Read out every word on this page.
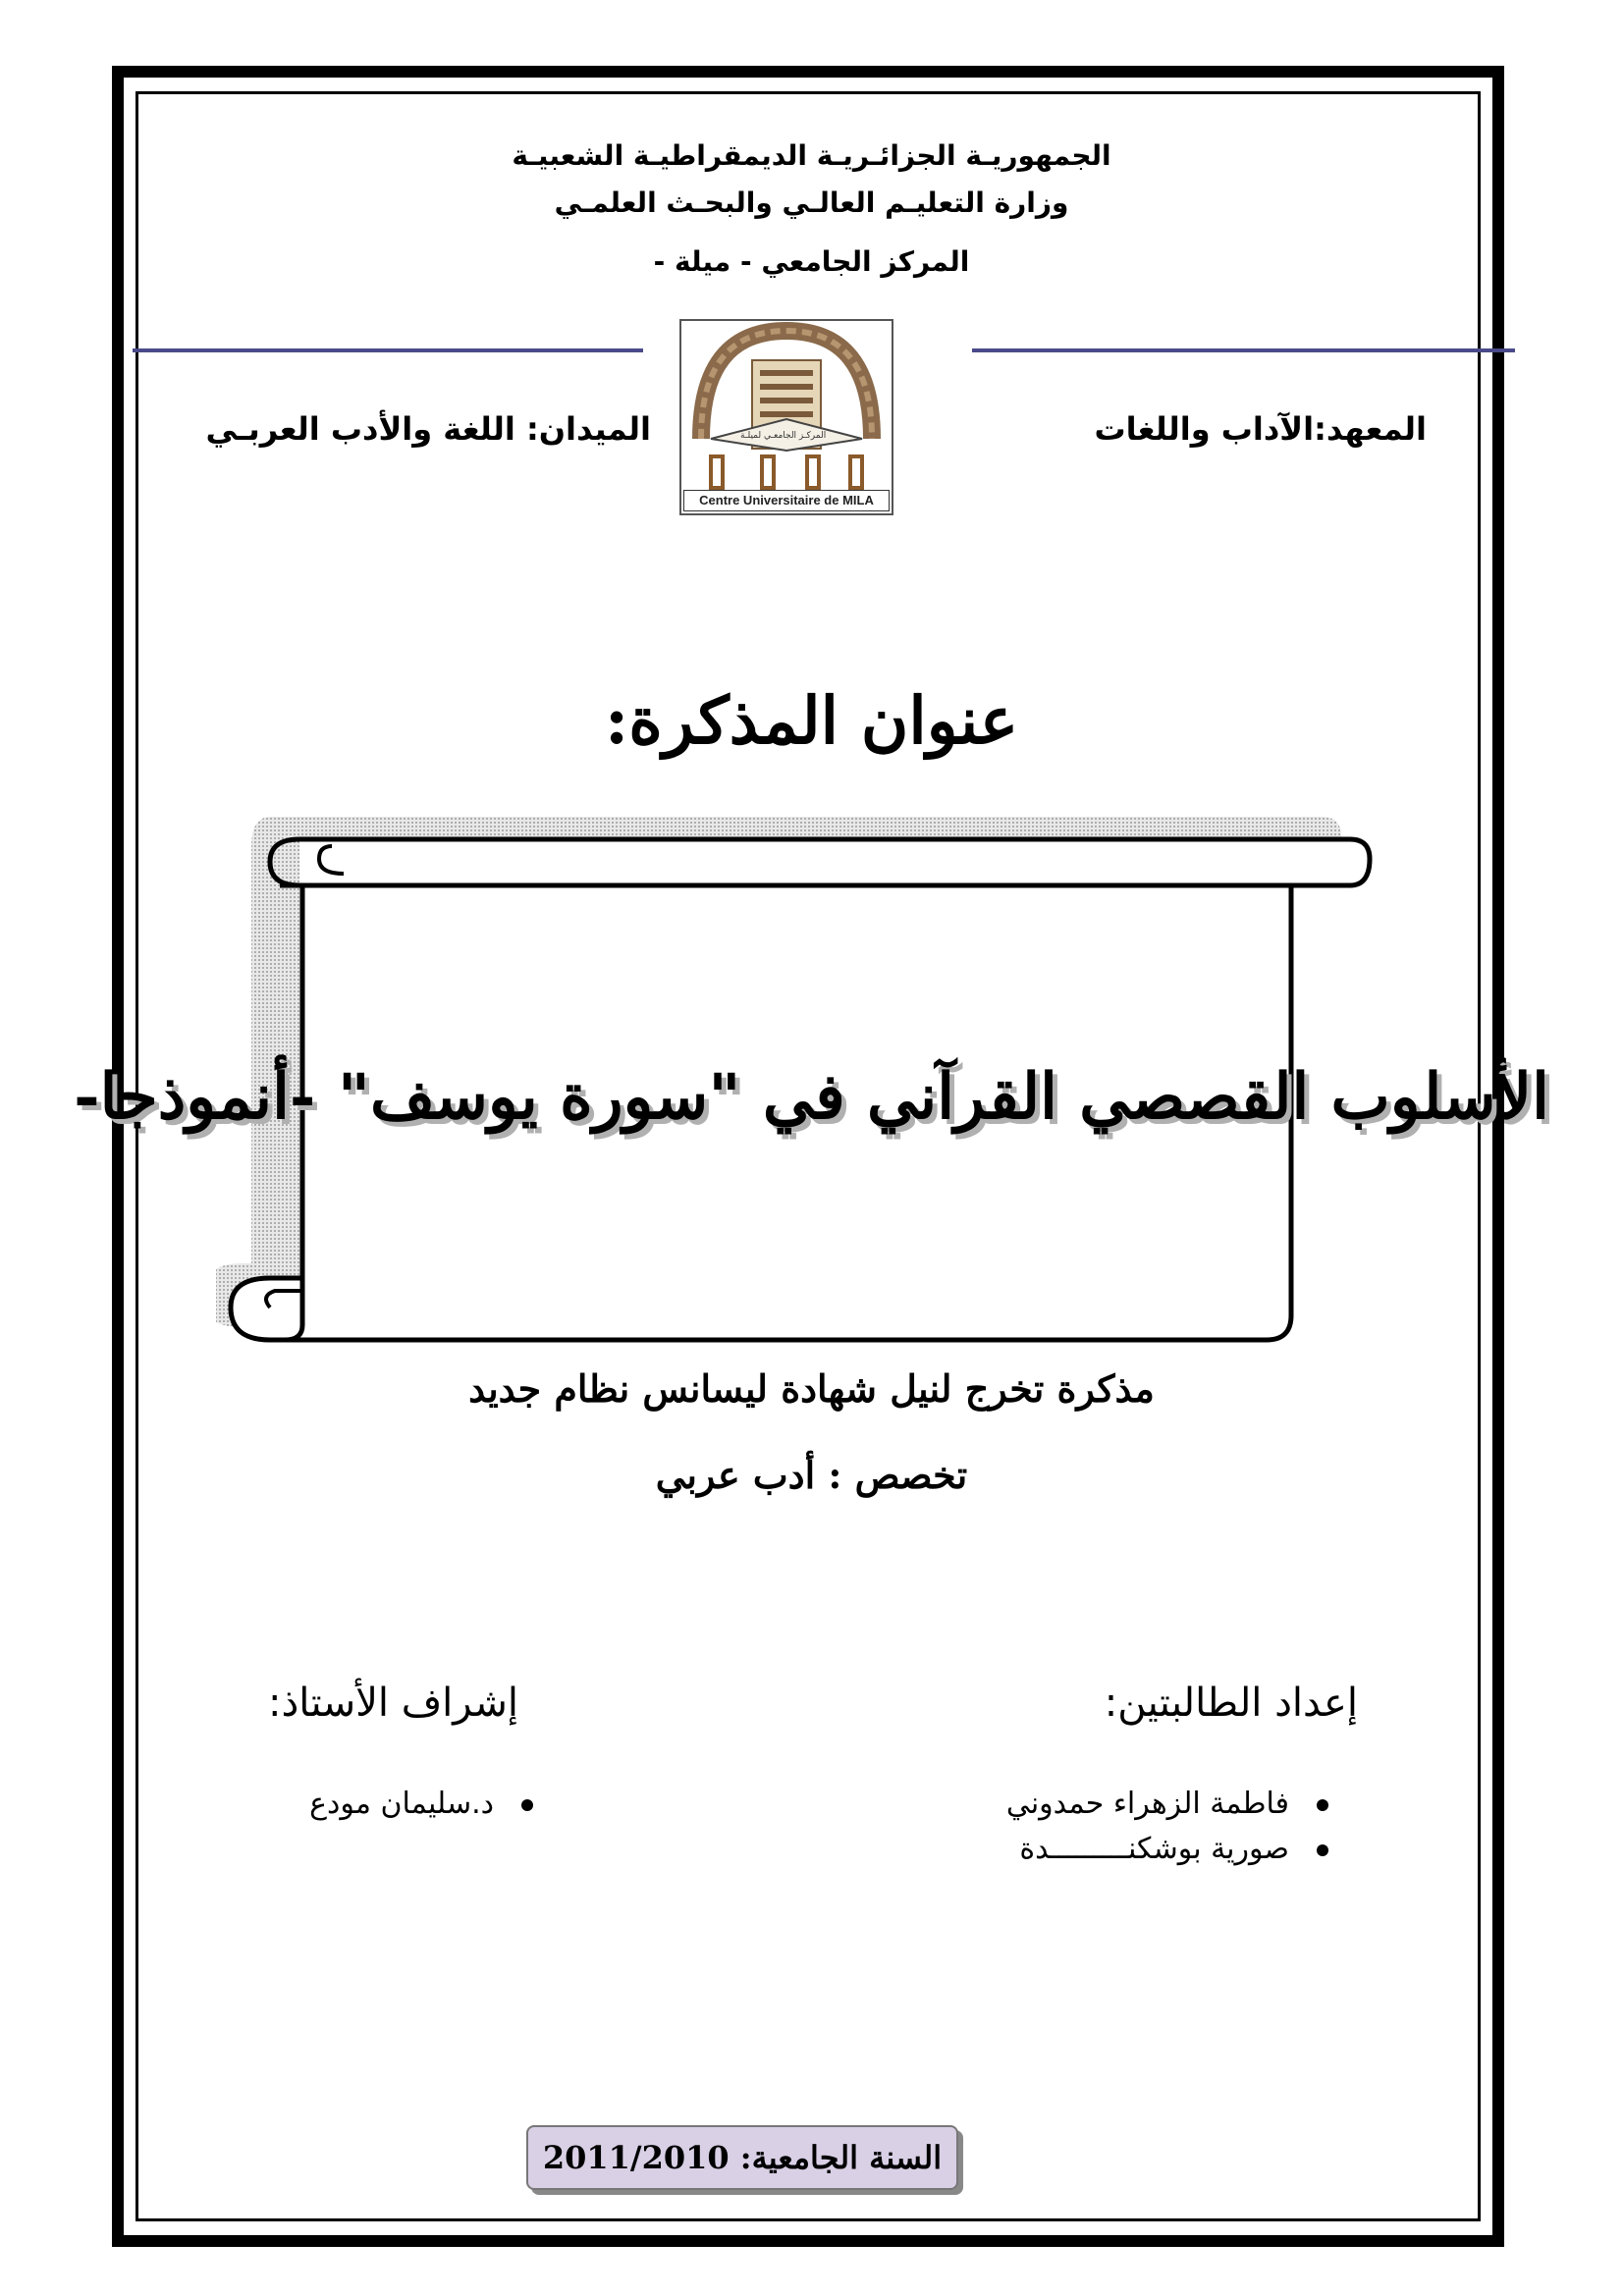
الجمهوريـة الجزائـريـة الديمقراطيـة الشعبيـة
وزارة التعليـم العالـي والبحـث العلمـي
المركز الجامعي - ميلة -
المركـز الجامعـي لميلـة
Centre Universitaire de MILA
المعهد:الآداب واللغات
الميدان: اللغة والأدب العربـي
عنوان المذكرة:
الأسلوب القصصي القرآني في "سورة يوسف" -أنموذجا-
مذكرة تخرج لنيل شهادة ليسانس نظام جديد
تخصص : أدب عربي
إعداد الطالبتين:
فاطمة الزهراء حمدوني
صورية بوشكنـــــــــدة
إشراف الأستاذ:
د.سليمان مودع
السنة الجامعية: 2011/2010
